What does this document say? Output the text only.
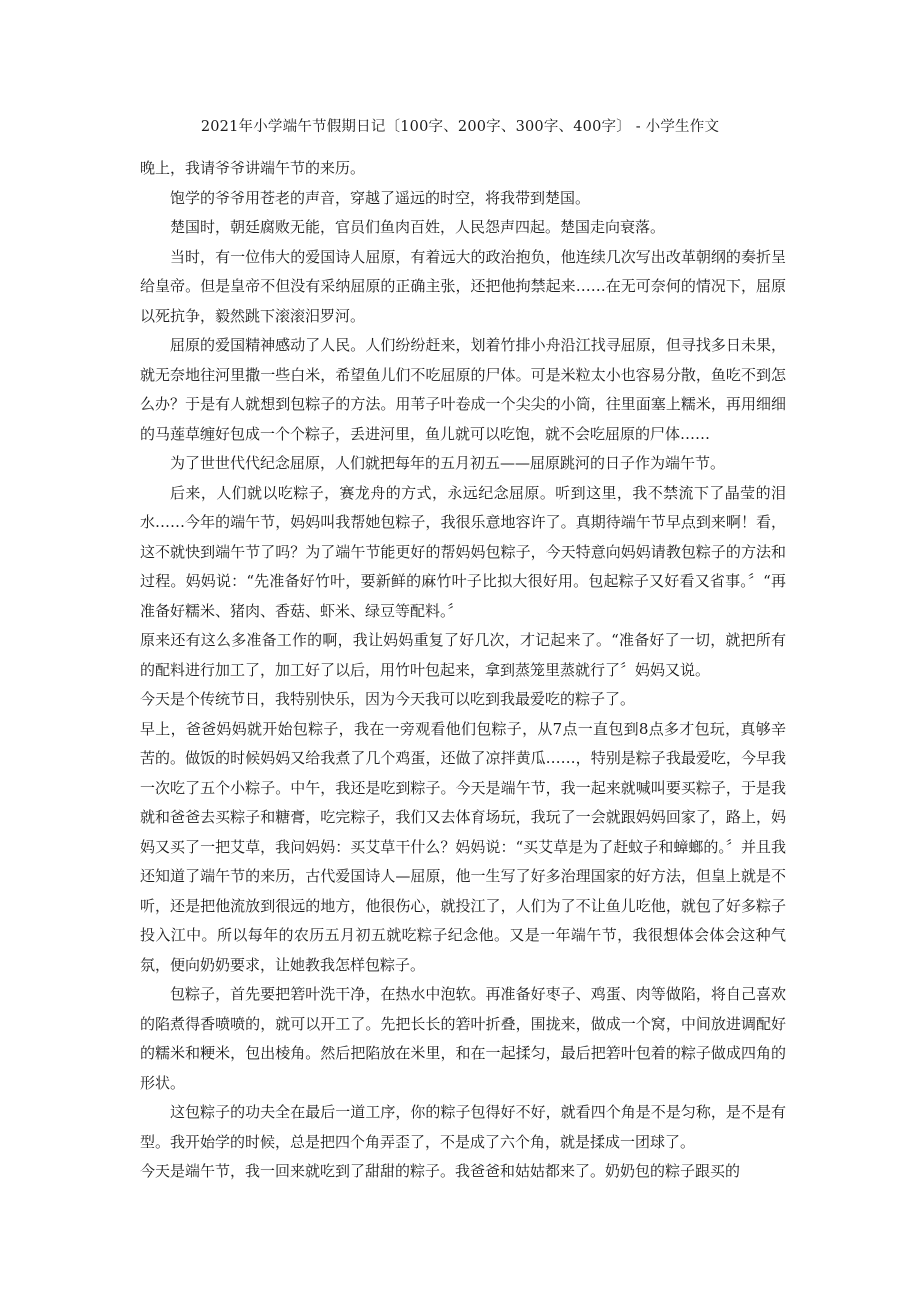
2021年小学端午节假期日记〔100字、200字、300字、400字〕 - 小学生作文

晚上，我请爷爷讲端午节的来历。

饱学的爷爷用苍老的声音，穿越了遥远的时空，将我带到楚国。

楚国时，朝廷腐败无能，官员们鱼肉百姓，人民怨声四起。楚国走向衰落。

当时，有一位伟大的爱国诗人屈原，有着远大的政治抱负，他连续几次写出改革朝纲的奏折呈给皇帝。但是皇帝不但没有采纳屈原的正确主张，还把他拘禁起来……在无可奈何的情况下，屈原以死抗争，毅然跳下滚滚汨罗河。

屈原的爱国精神感动了人民。人们纷纷赶来，划着竹排小舟沿江找寻屈原，但寻找多日未果，就无奈地往河里撒一些白米，希望鱼儿们不吃屈原的尸体。可是米粒太小也容易分散，鱼吃不到怎么办？于是有人就想到包粽子的方法。用苇子叶卷成一个尖尖的小筒，往里面塞上糯米，再用细细的马莲草缠好包成一个个粽子，丢进河里，鱼儿就可以吃饱，就不会吃屈原的尸体……

为了世世代代纪念屈原，人们就把每年的五月初五——屈原跳河的日子作为端午节。

后来，人们就以吃粽子，赛龙舟的方式，永远纪念屈原。听到这里，我不禁流下了晶莹的泪水……今年的端午节，妈妈叫我帮她包粽子，我很乐意地容许了。真期待端午节早点到来啊！看，这不就快到端午节了吗？为了端午节能更好的帮妈妈包粽子，今天特意向妈妈请教包粽子的方法和过程。妈妈说：“先准备好竹叶，要新鲜的麻竹叶子比拟大很好用。包起粽子又好看又省事。〞“再准备好糯米、猪肉、香菇、虾米、绿豆等配料。〞

原来还有这么多准备工作的啊，我让妈妈重复了好几次，才记起来了。“准备好了一切，就把所有的配料进行加工了，加工好了以后，用竹叶包起来，拿到蒸笼里蒸就行了〞妈妈又说。

今天是个传统节日，我特别快乐，因为今天我可以吃到我最爱吃的粽子了。

早上，爸爸妈妈就开始包粽子，我在一旁观看他们包粽子，从7点一直包到8点多才包玩，真够辛苦的。做饭的时候妈妈又给我煮了几个鸡蛋，还做了凉拌黄瓜……，特别是粽子我最爱吃，今早我一次吃了五个小粽子。中午，我还是吃到粽子。今天是端午节，我一起来就喊叫要买粽子，于是我就和爸爸去买粽子和糖膏，吃完粽子，我们又去体育场玩，我玩了一会就跟妈妈回家了，路上，妈妈又买了一把艾草，我问妈妈：买艾草干什么？妈妈说：“买艾草是为了赶蚊子和蟑螂的。〞并且我还知道了端午节的来历，古代爱国诗人—屈原，他一生写了好多治理国家的好方法，但皇上就是不听，还是把他流放到很远的地方，他很伤心，就投江了，人们为了不让鱼儿吃他，就包了好多粽子投入江中。所以每年的农历五月初五就吃粽子纪念他。又是一年端午节，我很想体会体会这种气氛，便向奶奶要求，让她教我怎样包粽子。

包粽子，首先要把箬叶洗干净，在热水中泡软。再准备好枣子、鸡蛋、肉等做陷，将自己喜欢的陷煮得香喷喷的，就可以开工了。先把长长的箬叶折叠，围拢来，做成一个窝，中间放进调配好的糯米和粳米，包出棱角。然后把陷放在米里，和在一起揉匀，最后把箬叶包着的粽子做成四角的形状。

这包粽子的功夫全在最后一道工序，你的粽子包得好不好，就看四个角是不是匀称，是不是有型。我开始学的时候，总是把四个角弄歪了，不是成了六个角，就是揉成一团球了。

今天是端午节，我一回来就吃到了甜甜的粽子。我爸爸和姑姑都来了。奶奶包的粽子跟买的
